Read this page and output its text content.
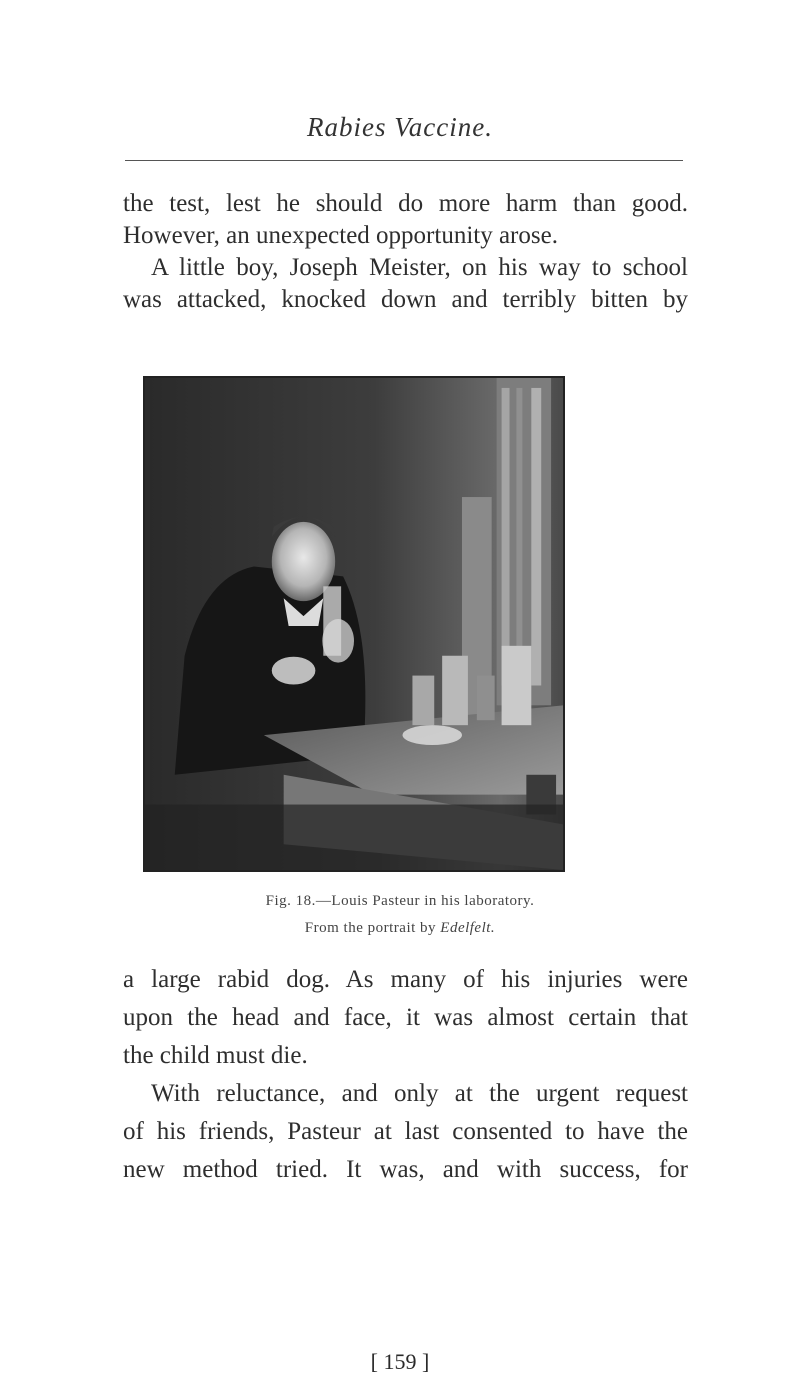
Rabies Vaccine.
the test, lest he should do more harm than good.
However, an unexpected opportunity arose.
A little boy, Joseph Meister, on his way to school
was attacked, knocked down and terribly bitten by
Fig. 18.—Louis Pasteur in his laboratory.
From the portrait by Edelfelt.
a large rabid dog. As many of his injuries were
upon the head and face, it was almost certain that
the child must die.
With reluctance, and only at the urgent request
of his friends, Pasteur at last consented to have the
new method tried. It was, and with success, for
[ 159 ]
